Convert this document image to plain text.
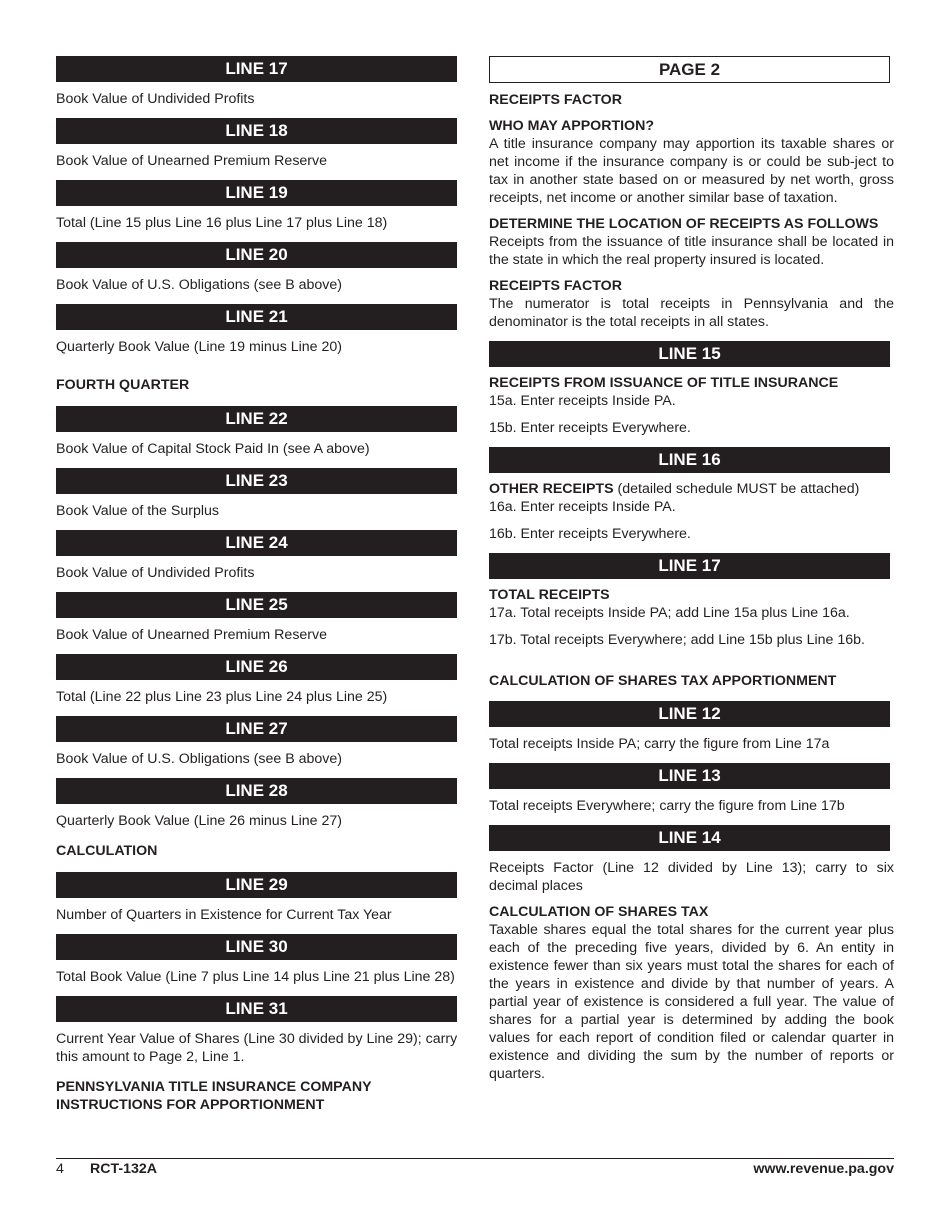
LINE 17

Book Value of Undivided Profits

LINE 18

Book Value of Unearned Premium Reserve

LINE 19

Total (Line 15 plus Line 16 plus Line 17 plus Line 18)

LINE 20

Book Value of U.S. Obligations (see B above)

LINE 21

Quarterly Book Value (Line 19 minus Line 20)

FOURTH QUARTER

LINE 22

Book Value of Capital Stock Paid In (see A above)

LINE 23

Book Value of the Surplus

LINE 24

Book Value of Undivided Profits

LINE 25

Book Value of Unearned Premium Reserve

LINE 26

Total (Line 22 plus Line 23 plus Line 24 plus Line 25)

LINE 27

Book Value of U.S. Obligations (see B above)

LINE 28

Quarterly Book Value (Line 26 minus Line 27)

CALCULATION

LINE 29

Number of Quarters in Existence for Current Tax Year

LINE 30

Total Book Value (Line 7 plus Line 14 plus Line 21 plus Line 28)

LINE 31

Current Year Value of Shares (Line 30 divided by Line 29); carry this amount to Page 2, Line 1.

PENNSYLVANIA TITLE INSURANCE COMPANY INSTRUCTIONS FOR APPORTIONMENT

PAGE 2

RECEIPTS FACTOR

WHO MAY APPORTION?

A title insurance company may apportion its taxable shares or net income if the insurance company is or could be sub-ject to tax in another state based on or measured by net worth, gross receipts, net income or another similar base of taxation.

DETERMINE THE LOCATION OF RECEIPTS AS FOLLOWS

Receipts from the issuance of title insurance shall be located in the state in which the real property insured is located.

RECEIPTS FACTOR

The numerator is total receipts in Pennsylvania and the denominator is the total receipts in all states.

LINE 15

RECEIPTS FROM ISSUANCE OF TITLE INSURANCE

15a. Enter receipts Inside PA.

15b. Enter receipts Everywhere.

LINE 16

OTHER RECEIPTS (detailed schedule MUST be attached)

16a. Enter receipts Inside PA.

16b. Enter receipts Everywhere.

LINE 17

TOTAL RECEIPTS

17a. Total receipts Inside PA; add Line 15a plus Line 16a.

17b. Total receipts Everywhere; add Line 15b plus Line 16b.

CALCULATION OF SHARES TAX APPORTIONMENT

LINE 12

Total receipts Inside PA; carry the figure from Line 17a

LINE 13

Total receipts Everywhere; carry the figure from Line 17b

LINE 14

Receipts Factor (Line 12 divided by Line 13); carry to six decimal places

CALCULATION OF SHARES TAX

Taxable shares equal the total shares for the current year plus each of the preceding five years, divided by 6. An entity in existence fewer than six years must total the shares for each of the years in existence and divide by that number of years. A partial year of existence is considered a full year. The value of shares for a partial year is determined by adding the book values for each report of condition filed or calendar quarter in existence and dividing the sum by the number of reports or quarters.

4 RCT-132A	www.revenue.pa.gov
